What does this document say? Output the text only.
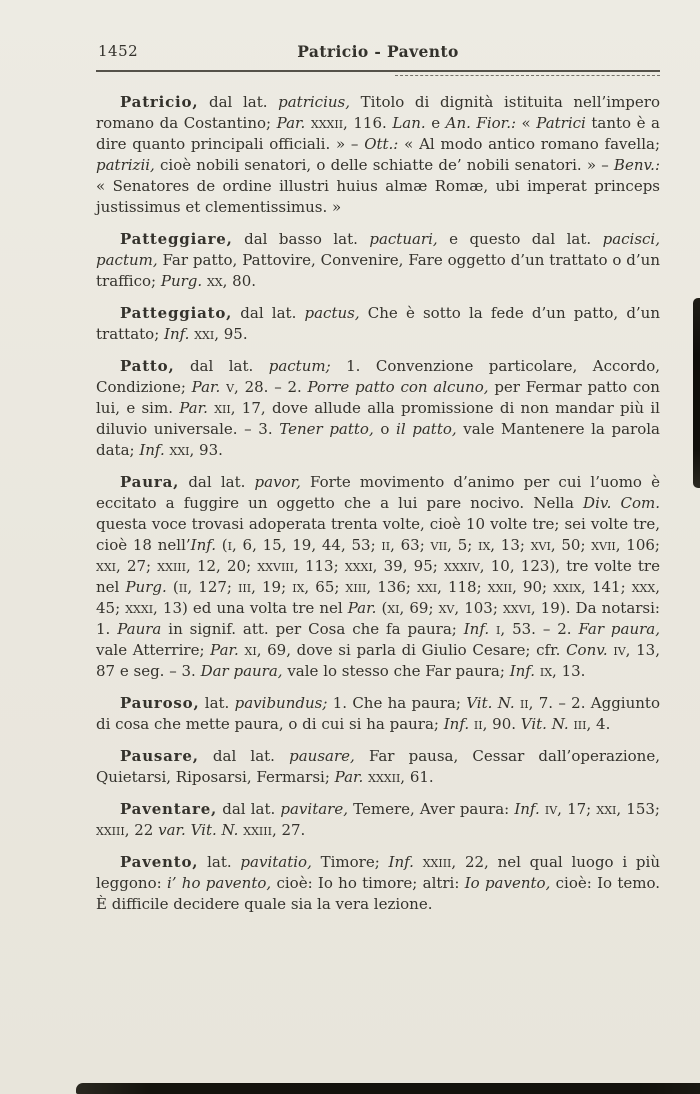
1452	Patricio - Pavento

Patricio, dal lat. patricius, Titolo di dignità istituita nell’impero romano da Costantino; Par. xxxii, 116. Lan. e An. Fior.: « Patrici tanto è a dire quanto principali officiali. » – Ott.: « Al modo antico romano favella; patrizii, cioè nobili senatori, o delle schiatte de’ nobili senatori. » – Benv.: « Senatores de ordine illustri huius almæ Romæ, ubi imperat princeps justissimus et clementissimus. »

Patteggiare, dal basso lat. pactuari, e questo dal lat. pacisci, pactum, Far patto, Pattovire, Convenire, Fare oggetto d’un trattato o d’un traffico; Purg. xx, 80.

Patteggiato, dal lat. pactus, Che è sotto la fede d’un patto, d’un trattato; Inf. xxi, 95.

Patto, dal lat. pactum; 1. Convenzione particolare, Accordo, Condizione; Par. v, 28. – 2. Porre patto con alcuno, per Fermar patto con lui, e sim. Par. xii, 17, dove allude alla promissione di non mandar più il diluvio universale. – 3. Tener patto, o il patto, vale Mantenere la parola data; Inf. xxi, 93.

Paura, dal lat. pavor, Forte movimento d’animo per cui l’uomo è eccitato a fuggire un oggetto che a lui pare nocivo. Nella Div. Com. questa voce trovasi adoperata trenta volte, cioè 10 volte tre; sei volte tre, cioè 18 nell’Inf. (i, 6, 15, 19, 44, 53; ii, 63; vii, 5; ix, 13; xvi, 50; xvii, 106; xxi, 27; xxiii, 12, 20; xxviii, 113; xxxi, 39, 95; xxxiv, 10, 123), tre volte tre nel Purg. (ii, 127; iii, 19; ix, 65; xiii, 136; xxi, 118; xxii, 90; xxix, 141; xxx, 45; xxxi, 13) ed una volta tre nel Par. (xi, 69; xv, 103; xxvi, 19). Da notarsi: 1. Paura in signif. att. per Cosa che fa paura; Inf. i, 53. – 2. Far paura, vale Atterrire; Par. xi, 69, dove si parla di Giulio Cesare; cfr. Conv. iv, 13, 87 e seg. – 3. Dar paura, vale lo stesso che Far paura; Inf. ix, 13.

Pauroso, lat. pavibundus; 1. Che ha paura; Vit. N. ii, 7. – 2. Aggiunto di cosa che mette paura, o di cui si ha paura; Inf. ii, 90. Vit. N. iii, 4.

Pausare, dal lat. pausare, Far pausa, Cessar dall’operazione, Quietarsi, Riposarsi, Fermarsi; Par. xxxii, 61.

Paventare, dal lat. pavitare, Temere, Aver paura: Inf. iv, 17; xxi, 153; xxiii, 22 var. Vit. N. xxiii, 27.

Pavento, lat. pavitatio, Timore; Inf. xxiii, 22, nel qual luogo i più leggono: i’ ho pavento, cioè: Io ho timore; altri: Io pavento, cioè: Io temo. È difficile decidere quale sia la vera lezione.
